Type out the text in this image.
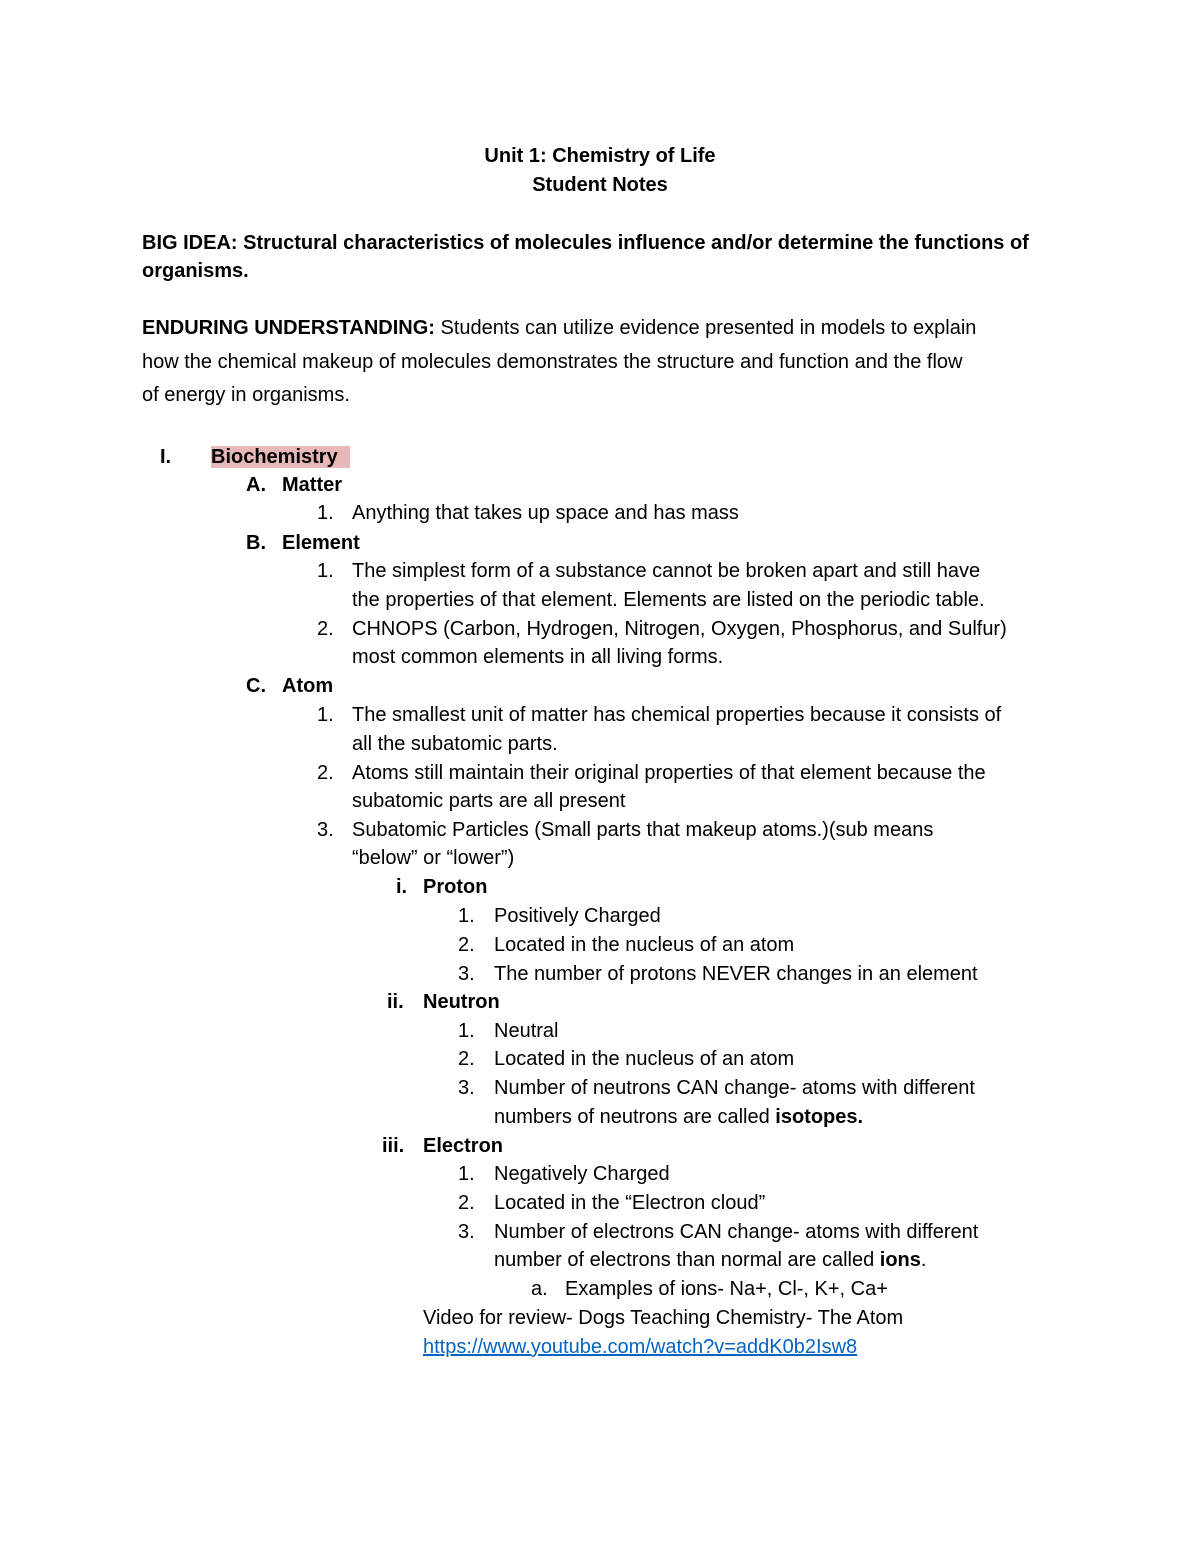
Unit 1: Chemistry of Life
Student Notes
BIG IDEA: Structural characteristics of molecules influence and/or determine the functions of
organisms.
ENDURING UNDERSTANDING: Students can utilize evidence presented in models to explain
how the chemical makeup of molecules demonstrates the structure and function and the flow
of energy in organisms.
I. Biochemistry
A. Matter
1. Anything that takes up space and has mass
B. Element
1. The simplest form of a substance cannot be broken apart and still have
the properties of that element. Elements are listed on the periodic table.
2. CHNOPS (Carbon, Hydrogen, Nitrogen, Oxygen, Phosphorus, and Sulfur)
most common elements in all living forms.
C. Atom
1. The smallest unit of matter has chemical properties because it consists of
all the subatomic parts.
2. Atoms still maintain their original properties of that element because the
subatomic parts are all present
3. Subatomic Particles (Small parts that makeup atoms.)(sub means
“below” or “lower”)
i. Proton
1. Positively Charged
2. Located in the nucleus of an atom
3. The number of protons NEVER changes in an element
ii. Neutron
1. Neutral
2. Located in the nucleus of an atom
3. Number of neutrons CAN change- atoms with different
numbers of neutrons are called isotopes.
iii. Electron
1. Negatively Charged
2. Located in the “Electron cloud”
3. Number of electrons CAN change- atoms with different
number of electrons than normal are called ions.
a. Examples of ions- Na+, Cl-, K+, Ca+
Video for review- Dogs Teaching Chemistry- The Atom
https://www.youtube.com/watch?v=addK0b2Isw8
